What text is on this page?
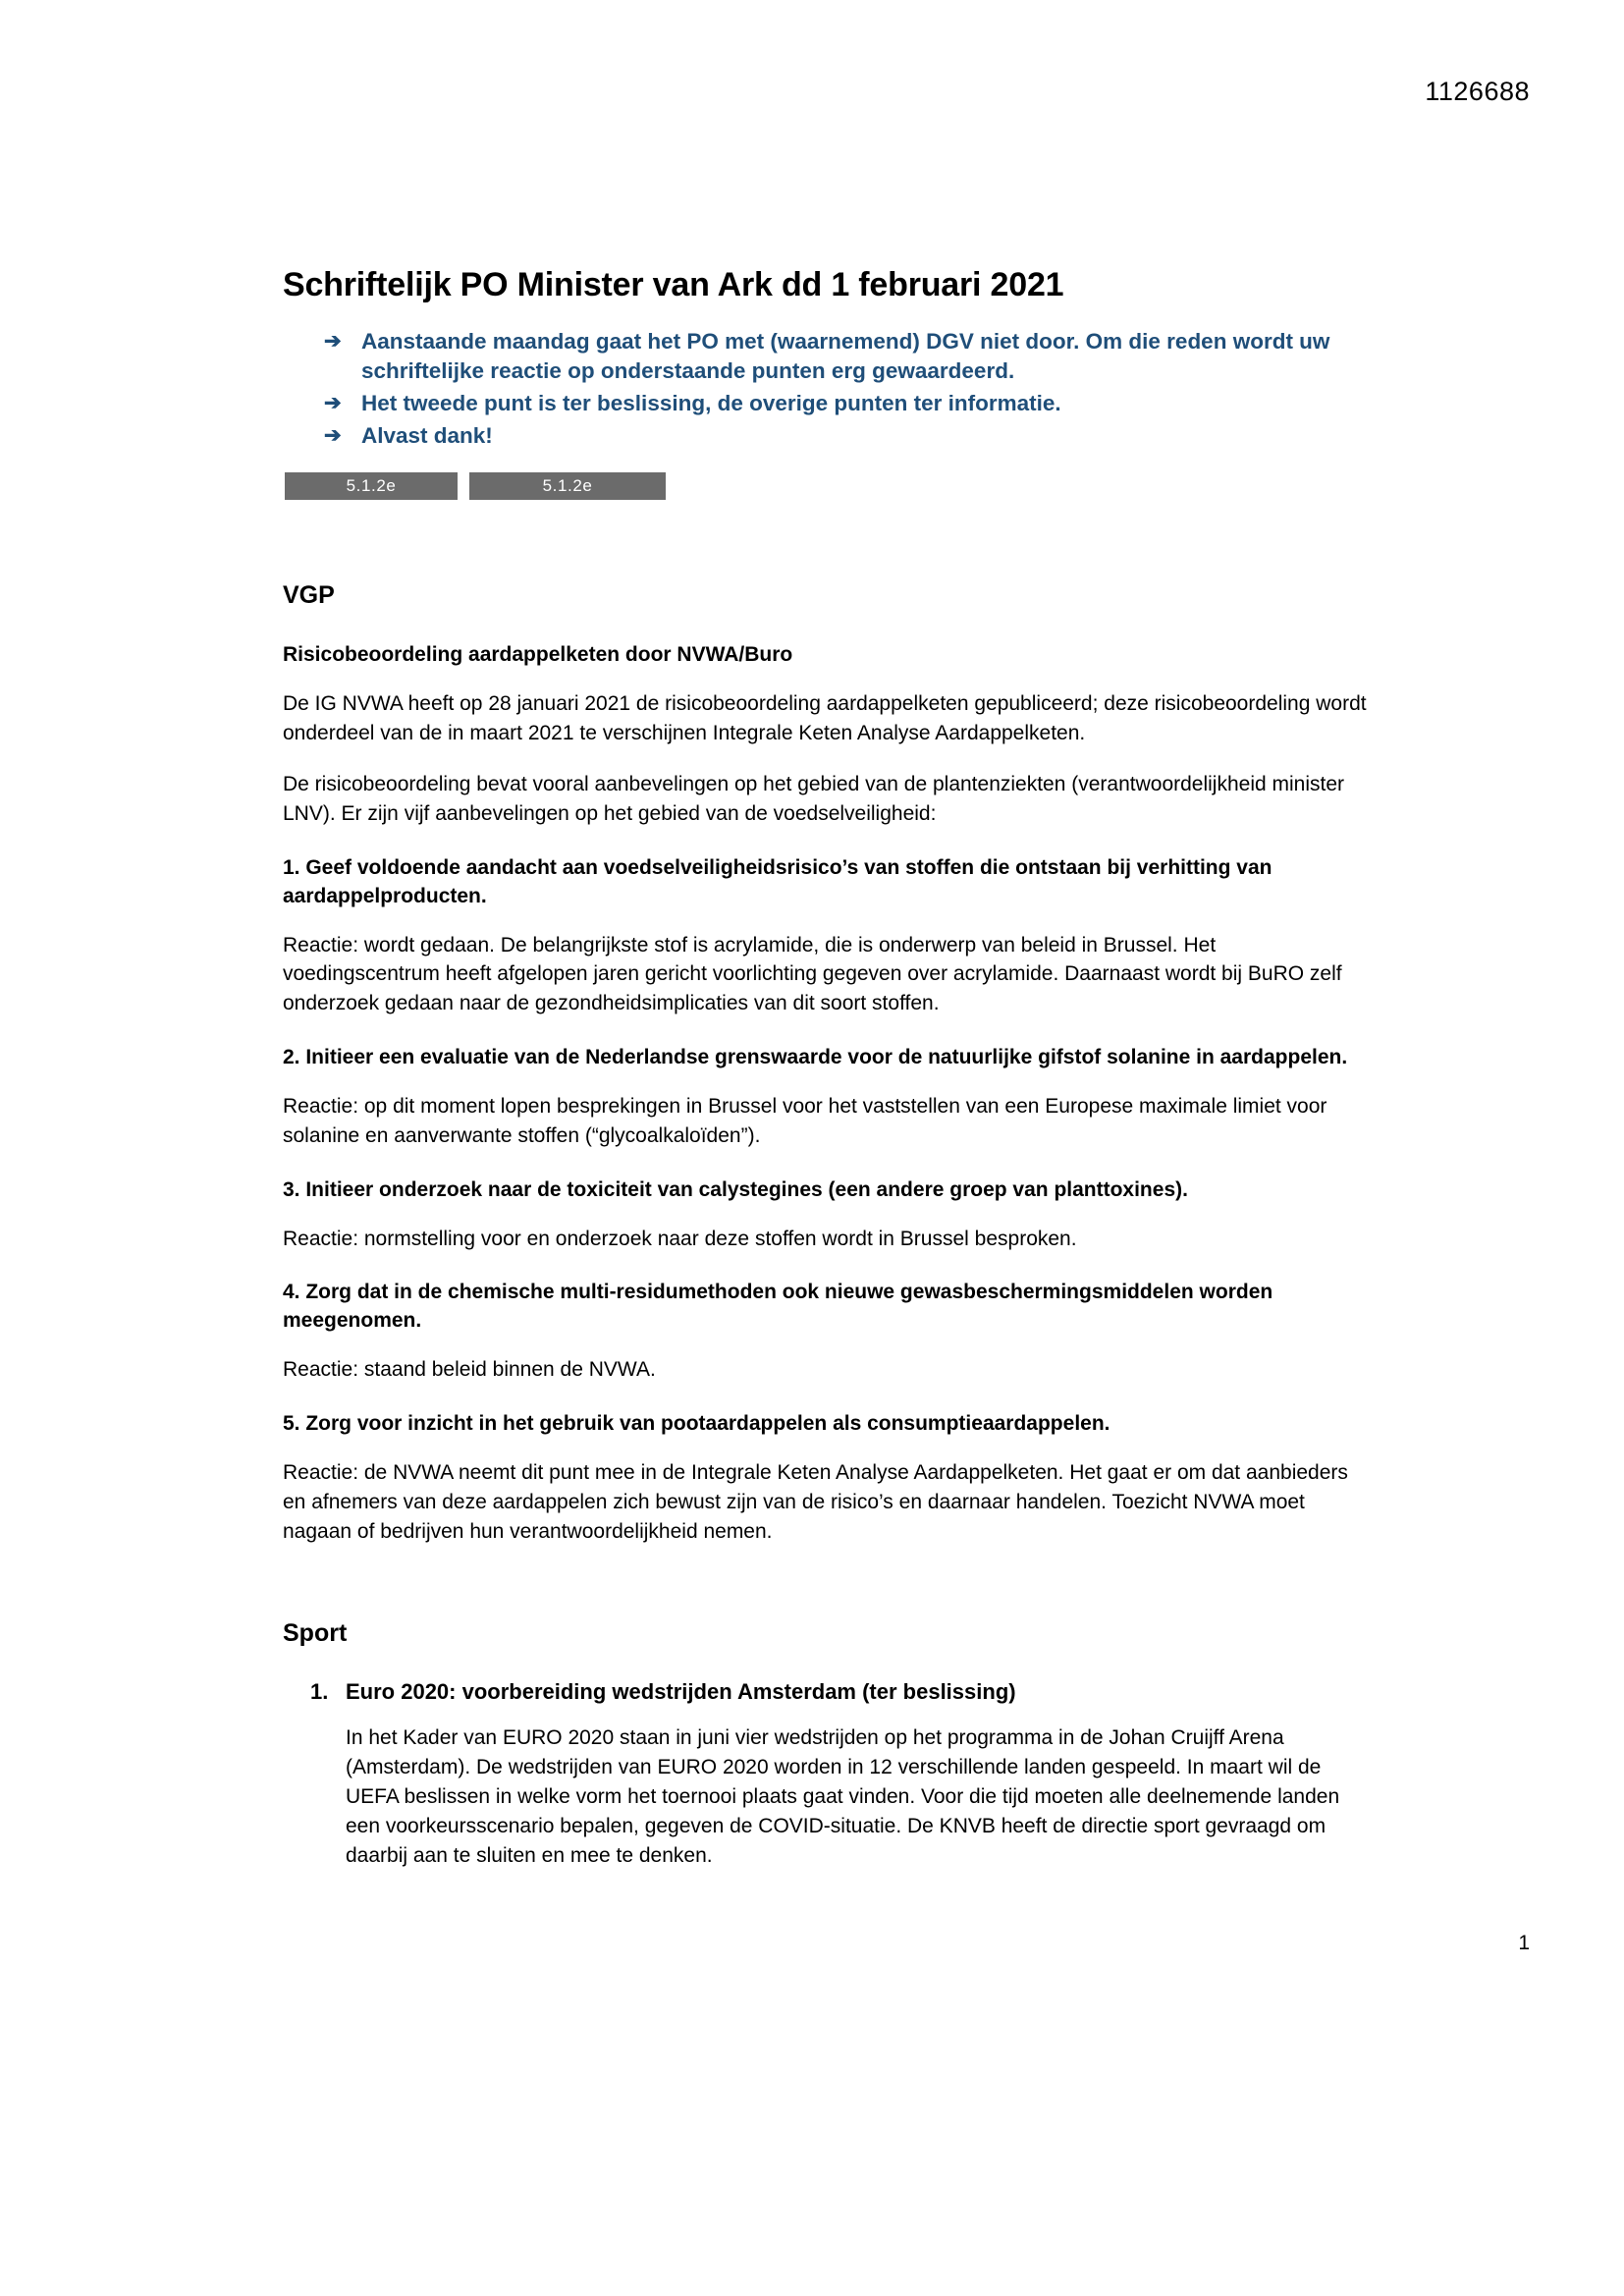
1126688
Schriftelijk PO Minister van Ark dd 1 februari 2021
➔ Aanstaande maandag gaat het PO met (waarnemend) DGV niet door. Om die reden wordt uw schriftelijke reactie op onderstaande punten erg gewaardeerd.
➔ Het tweede punt is ter beslissing, de overige punten ter informatie.
➔ Alvast dank!
5.1.2e	5.1.2e
VGP
Risicobeoordeling aardappelketen door NVWA/Buro

De IG NVWA heeft op 28 januari 2021 de risicobeoordeling aardappelketen gepubliceerd; deze risicobeoordeling wordt onderdeel van de in maart 2021 te verschijnen Integrale Keten Analyse Aardappelketen.

De risicobeoordeling bevat vooral aanbevelingen op het gebied van de plantenziekten (verantwoordelijkheid minister LNV). Er zijn vijf aanbevelingen op het gebied van de voedselveiligheid:

1. Geef voldoende aandacht aan voedselveiligheidsrisico’s van stoffen die ontstaan bij verhitting van aardappelproducten.

Reactie: wordt gedaan. De belangrijkste stof is acrylamide, die is onderwerp van beleid in Brussel. Het voedingscentrum heeft afgelopen jaren gericht voorlichting gegeven over acrylamide. Daarnaast wordt bij BuRO zelf onderzoek gedaan naar de gezondheidsimplicaties van dit soort stoffen.

2. Initieer een evaluatie van de Nederlandse grenswaarde voor de natuurlijke gifstof solanine in aardappelen.

Reactie: op dit moment lopen besprekingen in Brussel voor het vaststellen van een Europese maximale limiet voor solanine en aanverwante stoffen (“glycoalkaloïden”).

3. Initieer onderzoek naar de toxiciteit van calystegines (een andere groep van planttoxines).

Reactie: normstelling voor en onderzoek naar deze stoffen wordt in Brussel besproken.

4. Zorg dat in de chemische multi-residumethoden ook nieuwe gewasbeschermingsmiddelen worden meegenomen.

Reactie: staand beleid binnen de NVWA.

5. Zorg voor inzicht in het gebruik van pootaardappelen als consumptieaardappelen.

Reactie: de NVWA neemt dit punt mee in de Integrale Keten Analyse Aardappelketen. Het gaat er om dat aanbieders en afnemers van deze aardappelen zich bewust zijn van de risico’s en daarnaar handelen. Toezicht NVWA moet nagaan of bedrijven hun verantwoordelijkheid nemen.

Sport
1. Euro 2020: voorbereiding wedstrijden Amsterdam (ter beslissing)

In het Kader van EURO 2020 staan in juni vier wedstrijden op het programma in de Johan Cruijff Arena (Amsterdam). De wedstrijden van EURO 2020 worden in 12 verschillende landen gespeeld. In maart wil de UEFA beslissen in welke vorm het toernooi plaats gaat vinden. Voor die tijd moeten alle deelnemende landen een voorkeursscenario bepalen, gegeven de COVID-situatie. De KNVB heeft de directie sport gevraagd om daarbij aan te sluiten en mee te denken.

1
